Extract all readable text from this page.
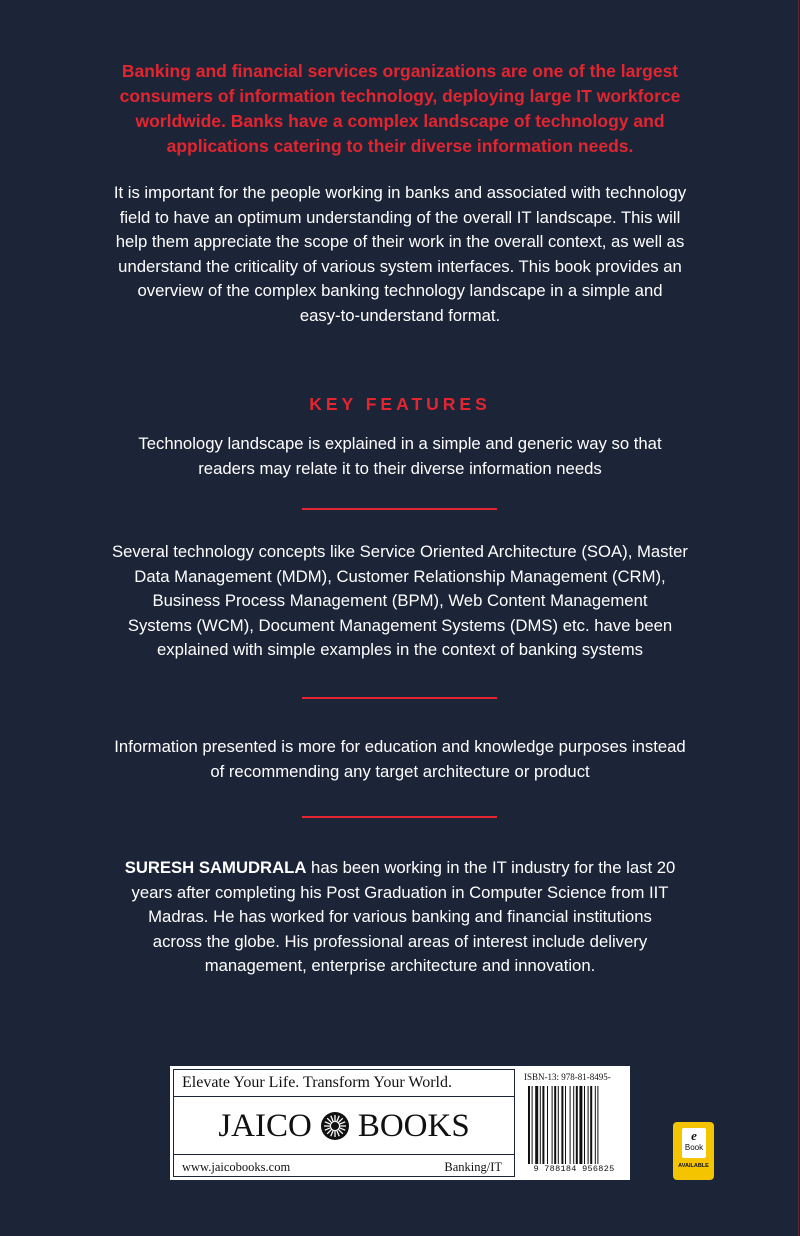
Banking and financial services organizations are one of the largest
consumers of information technology, deploying large IT workforce
worldwide. Banks have a complex landscape of technology and
applications catering to their diverse information needs.
It is important for the people working in banks and associated with technology
field to have an optimum understanding of the overall IT landscape. This will
help them appreciate the scope of their work in the overall context, as well as
understand the criticality of various system interfaces. This book provides an
overview of the complex banking technology landscape in a simple and
easy-to-understand format.
KEY FEATURES
Technology landscape is explained in a simple and generic way so that
readers may relate it to their diverse information needs
Several technology concepts like Service Oriented Architecture (SOA), Master
Data Management (MDM), Customer Relationship Management (CRM),
Business Process Management (BPM), Web Content Management
Systems (WCM), Document Management Systems (DMS) etc. have been
explained with simple examples in the context of banking systems
Information presented is more for education and knowledge purposes instead
of recommending any target architecture or product
SURESH SAMUDRALA has been working in the IT industry for the last 20
years after completing his Post Graduation in Computer Science from IIT
Madras. He has worked for various banking and financial institutions
across the globe. His professional areas of interest include delivery
management, enterprise architecture and innovation.
Elevate Your Life. Transform Your World.
JAICO BOOKS
www.jaicobooks.com	Banking/IT
ISBN-13: 978-81-8495-
9 788184 956825
e
Book
AVAILABLE
